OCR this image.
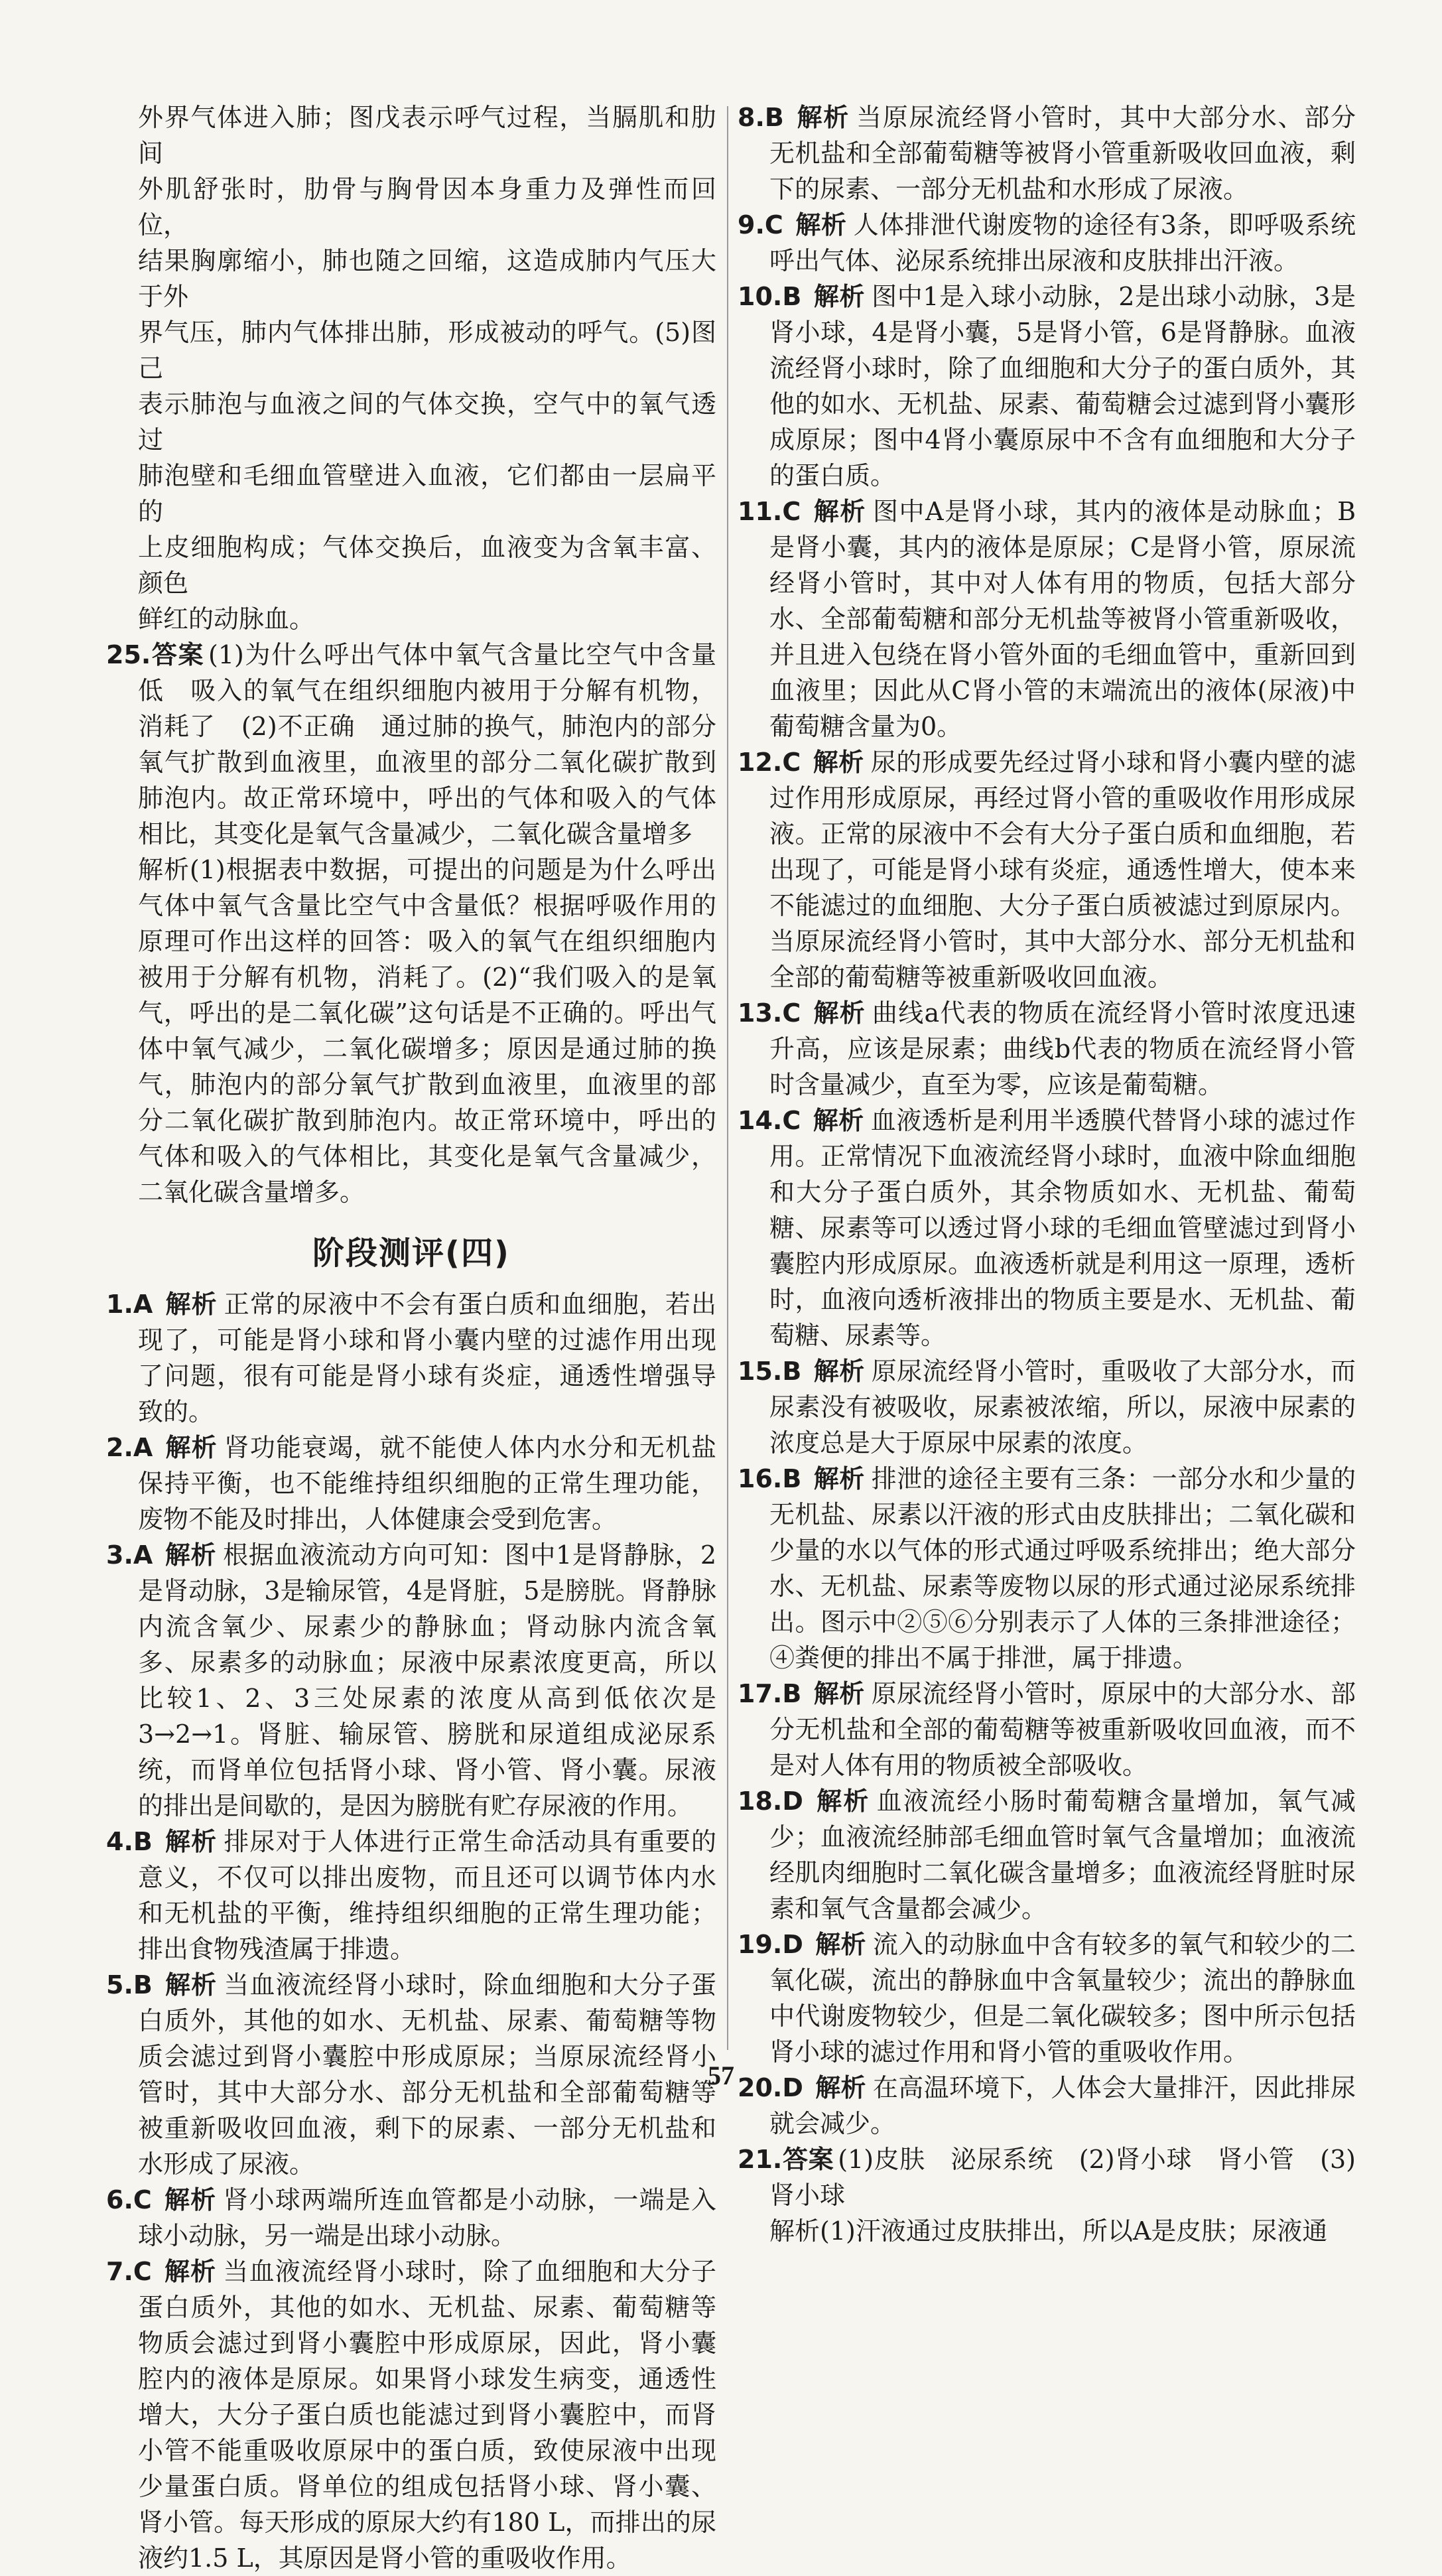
外界气体进入肺；图戊表示呼气过程，当膈肌和肋间
外肌舒张时，肋骨与胸骨因本身重力及弹性而回位，
结果胸廓缩小，肺也随之回缩，这造成肺内气压大于外
界气压，肺内气体排出肺，形成被动的呼气。(5)图己
表示肺泡与血液之间的气体交换，空气中的氧气透过
肺泡壁和毛细血管壁进入血液，它们都由一层扁平的
上皮细胞构成；气体交换后，血液变为含氧丰富、颜色
鲜红的动脉血。
25.答案 (1)为什么呼出气体中氧气含量比空气中含量低　吸入的氧气在组织细胞内被用于分解有机物，消耗了　(2)不正确　通过肺的换气，肺泡内的部分氧气扩散到血液里，血液里的部分二氧化碳扩散到肺泡内。故正常环境中，呼出的气体和吸入的气体相比，其变化是氧气含量减少，二氧化碳含量增多
解析(1)根据表中数据，可提出的问题是为什么呼出气体中氧气含量比空气中含量低？根据呼吸作用的原理可作出这样的回答：吸入的氧气在组织细胞内被用于分解有机物，消耗了。(2)“我们吸入的是氧气，呼出的是二氧化碳”这句话是不正确的。呼出气体中氧气减少，二氧化碳增多；原因是通过肺的换气，肺泡内的部分氧气扩散到血液里，血液里的部分二氧化碳扩散到肺泡内。故正常环境中，呼出的气体和吸入的气体相比，其变化是氧气含量减少，二氧化碳含量增多。
阶段测评(四)
1.A 解析 正常的尿液中不会有蛋白质和血细胞，若出现了，可能是肾小球和肾小囊内壁的过滤作用出现了问题，很有可能是肾小球有炎症，通透性增强导致的。
2.A 解析 肾功能衰竭，就不能使人体内水分和无机盐保持平衡，也不能维持组织细胞的正常生理功能，废物不能及时排出，人体健康会受到危害。
3.A 解析 根据血液流动方向可知：图中1是肾静脉，2是肾动脉，3是输尿管，4是肾脏，5是膀胱。肾静脉内流含氧少、尿素少的静脉血；肾动脉内流含氧多、尿素多的动脉血；尿液中尿素浓度更高，所以比较1、2、3三处尿素的浓度从高到低依次是3→2→1。肾脏、输尿管、膀胱和尿道组成泌尿系统，而肾单位包括肾小球、肾小管、肾小囊。尿液的排出是间歇的，是因为膀胱有贮存尿液的作用。
4.B 解析 排尿对于人体进行正常生命活动具有重要的意义，不仅可以排出废物，而且还可以调节体内水和无机盐的平衡，维持组织细胞的正常生理功能；排出食物残渣属于排遗。
5.B 解析 当血液流经肾小球时，除血细胞和大分子蛋白质外，其他的如水、无机盐、尿素、葡萄糖等物质会滤过到肾小囊腔中形成原尿；当原尿流经肾小管时，其中大部分水、部分无机盐和全部葡萄糖等被重新吸收回血液，剩下的尿素、一部分无机盐和水形成了尿液。
6.C 解析 肾小球两端所连血管都是小动脉，一端是入球小动脉，另一端是出球小动脉。
7.C 解析 当血液流经肾小球时，除了血细胞和大分子蛋白质外，其他的如水、无机盐、尿素、葡萄糖等物质会滤过到肾小囊腔中形成原尿，因此，肾小囊腔内的液体是原尿。如果肾小球发生病变，通透性增大，大分子蛋白质也能滤过到肾小囊腔中，而肾小管不能重吸收原尿中的蛋白质，致使尿液中出现少量蛋白质。肾单位的组成包括肾小球、肾小囊、肾小管。每天形成的原尿大约有180 L，而排出的尿液约1.5 L，其原因是肾小管的重吸收作用。
8.B 解析 当原尿流经肾小管时，其中大部分水、部分无机盐和全部葡萄糖等被肾小管重新吸收回血液，剩下的尿素、一部分无机盐和水形成了尿液。
9.C 解析 人体排泄代谢废物的途径有3条，即呼吸系统呼出气体、泌尿系统排出尿液和皮肤排出汗液。
10.B 解析 图中1是入球小动脉，2是出球小动脉，3是肾小球，4是肾小囊，5是肾小管，6是肾静脉。血液流经肾小球时，除了血细胞和大分子的蛋白质外，其他的如水、无机盐、尿素、葡萄糖会过滤到肾小囊形成原尿；图中4肾小囊原尿中不含有血细胞和大分子的蛋白质。
11.C 解析 图中A是肾小球，其内的液体是动脉血；B是肾小囊，其内的液体是原尿；C是肾小管，原尿流经肾小管时，其中对人体有用的物质，包括大部分水、全部葡萄糖和部分无机盐等被肾小管重新吸收，并且进入包绕在肾小管外面的毛细血管中，重新回到血液里；因此从C肾小管的末端流出的液体(尿液)中葡萄糖含量为0。
12.C 解析 尿的形成要先经过肾小球和肾小囊内壁的滤过作用形成原尿，再经过肾小管的重吸收作用形成尿液。正常的尿液中不会有大分子蛋白质和血细胞，若出现了，可能是肾小球有炎症，通透性增大，使本来不能滤过的血细胞、大分子蛋白质被滤过到原尿内。当原尿流经肾小管时，其中大部分水、部分无机盐和全部的葡萄糖等被重新吸收回血液。
13.C 解析 曲线a代表的物质在流经肾小管时浓度迅速升高，应该是尿素；曲线b代表的物质在流经肾小管时含量减少，直至为零，应该是葡萄糖。
14.C 解析 血液透析是利用半透膜代替肾小球的滤过作用。正常情况下血液流经肾小球时，血液中除血细胞和大分子蛋白质外，其余物质如水、无机盐、葡萄糖、尿素等可以透过肾小球的毛细血管壁滤过到肾小囊腔内形成原尿。血液透析就是利用这一原理，透析时，血液向透析液排出的物质主要是水、无机盐、葡萄糖、尿素等。
15.B 解析 原尿流经肾小管时，重吸收了大部分水，而尿素没有被吸收，尿素被浓缩，所以，尿液中尿素的浓度总是大于原尿中尿素的浓度。
16.B 解析 排泄的途径主要有三条：一部分水和少量的无机盐、尿素以汗液的形式由皮肤排出；二氧化碳和少量的水以气体的形式通过呼吸系统排出；绝大部分水、无机盐、尿素等废物以尿的形式通过泌尿系统排出。图示中②⑤⑥分别表示了人体的三条排泄途径；④粪便的排出不属于排泄，属于排遗。
17.B 解析 原尿流经肾小管时，原尿中的大部分水、部分无机盐和全部的葡萄糖等被重新吸收回血液，而不是对人体有用的物质被全部吸收。
18.D 解析 血液流经小肠时葡萄糖含量增加，氧气减少；血液流经肺部毛细血管时氧气含量增加；血液流经肌肉细胞时二氧化碳含量增多；血液流经肾脏时尿素和氧气含量都会减少。
19.D 解析 流入的动脉血中含有较多的氧气和较少的二氧化碳，流出的静脉血中含氧量较少；流出的静脉血中代谢废物较少，但是二氧化碳较多；图中所示包括肾小球的滤过作用和肾小管的重吸收作用。
20.D 解析 在高温环境下，人体会大量排汗，因此排尿就会减少。
21.答案 (1)皮肤　泌尿系统　(2)肾小球　肾小管　(3)肾小球
解析(1)汗液通过皮肤排出，所以A是皮肤；尿液通
57
